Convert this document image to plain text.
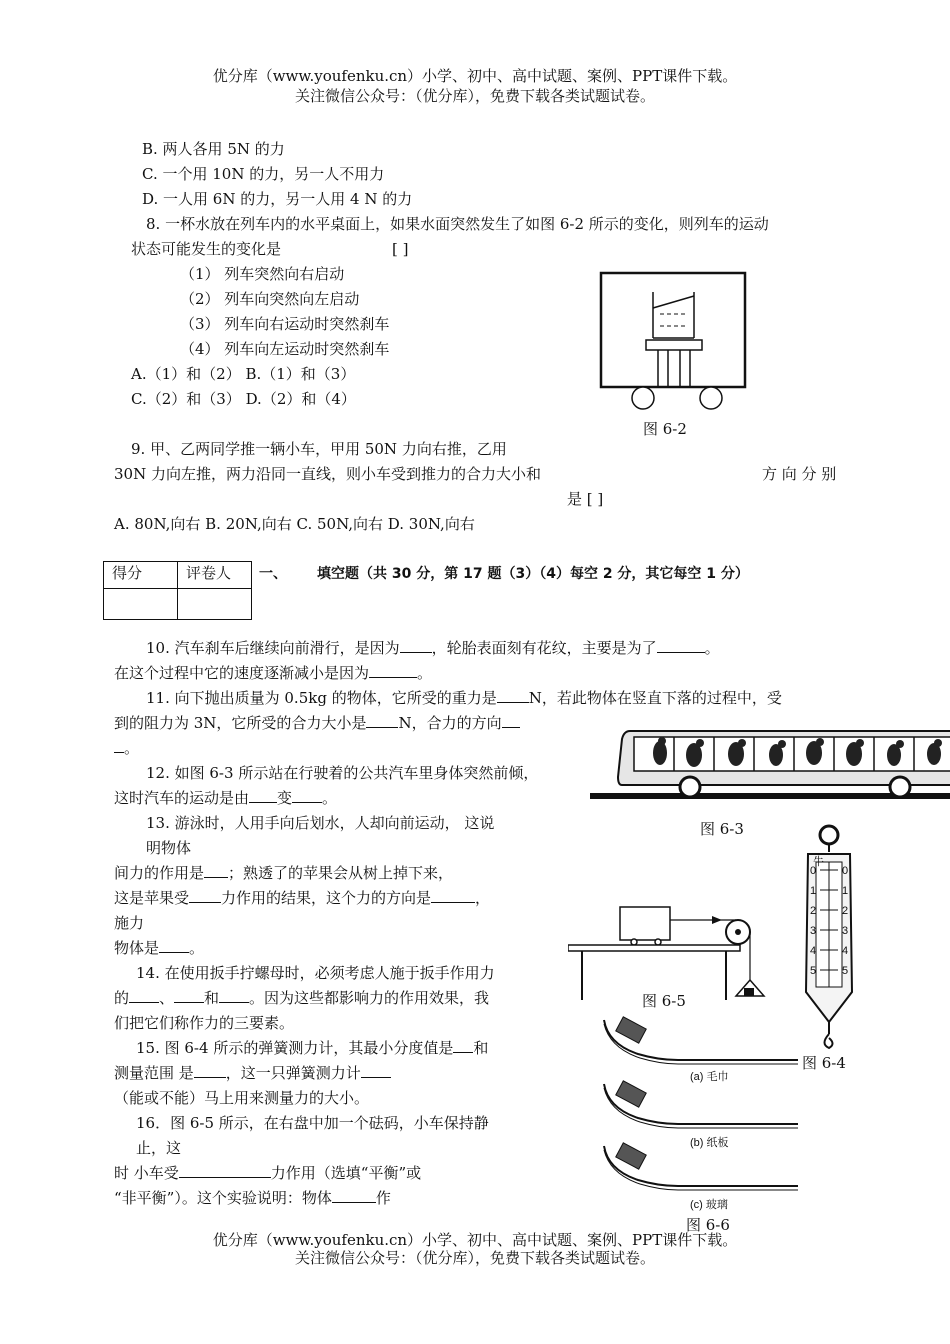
优分库（www.youfenku.cn）小学、初中、高中试题、案例、PPT课件下载。
关注微信公众号：（优分库），免费下载各类试题试卷。
B. 两人各用 5N 的力
C. 一个用 10N 的力，另一人不用力
D. 一人用 6N 的力，另一人用 4 N 的力
8. 一杯水放在列车内的水平桌面上，如果水面突然发生了如图 6-2 所示的变化，则列车的运动
状态可能发生的变化是	[ ]
（1） 列车突然向右启动
（2） 列车向突然向左启动
（3） 列车向右运动时突然刹车
（4） 列车向左运动时突然刹车
A.（1）和（2） B.（1）和（3）
C.（2）和（3） D.（2）和（4）
图 6-2
9. 甲、乙两同学推一辆小车，甲用 50N 力向右推，乙用
30N 力向左推，两力沿同一直线，则小车受到推力的合力大小和	方 向 分 别
是 [ ]
A. 80N,向右 B. 20N,向右 C. 50N,向右 D. 30N,向右
得分	评卷人
	一、 填空题（共 30 分，第 17 题（3）（4）每空 2 分，其它每空 1 分）
10. 汽车刹车后继续向前滑行，是因为 ，轮胎表面刻有花纹，主要是为了	。
在这个过程中它的速度逐渐减小是因为	。
11. 向下抛出质量为 0.5kg 的物体，它所受的重力是 N，若此物体在竖直下落的过程中，受
到的阻力为 3N，它所受的合力大小是 N，合力的方向
。
图 6-3
12. 如图 6-3 所示站在行驶着的公共汽车里身体突然前倾，
这时汽车的运动是由 变 。
13. 游泳时，人用手向后划水，人却向前运动， 这说
明物体
间力的作用是 ；熟透了的苹果会从树上掉下来，
这是苹果受 力作用的结果，这个力的方向是	，
施力
物体是 。
牛
0 0
1 1
2 2
3 3
4 4
5 5
图 6-4
图 6-5
14. 在使用扳手拧螺母时，必须考虑人施于扳手作用力
的 、 和 。因为这些都影响力的作用效果，我
们把它们称作力的三要素。
15. 图 6-4 所示的弹簧测力计，其最小分度值是 和
测量范围 是 ，这一只弹簧测力计
（能或不能）马上用来测量力的大小。
16．图 6-5 所示，在右盘中加一个砝码，小车保持静
止，这
时 小车受	力作用（选填“平衡”或
“非平衡”）。这个实验说明：物体	作
(a) 毛巾
(b) 纸板
(c) 玻璃
图 6-6
优分库（www.youfenku.cn）小学、初中、高中试题、案例、PPT课件下载。
关注微信公众号：（优分库），免费下载各类试题试卷。
